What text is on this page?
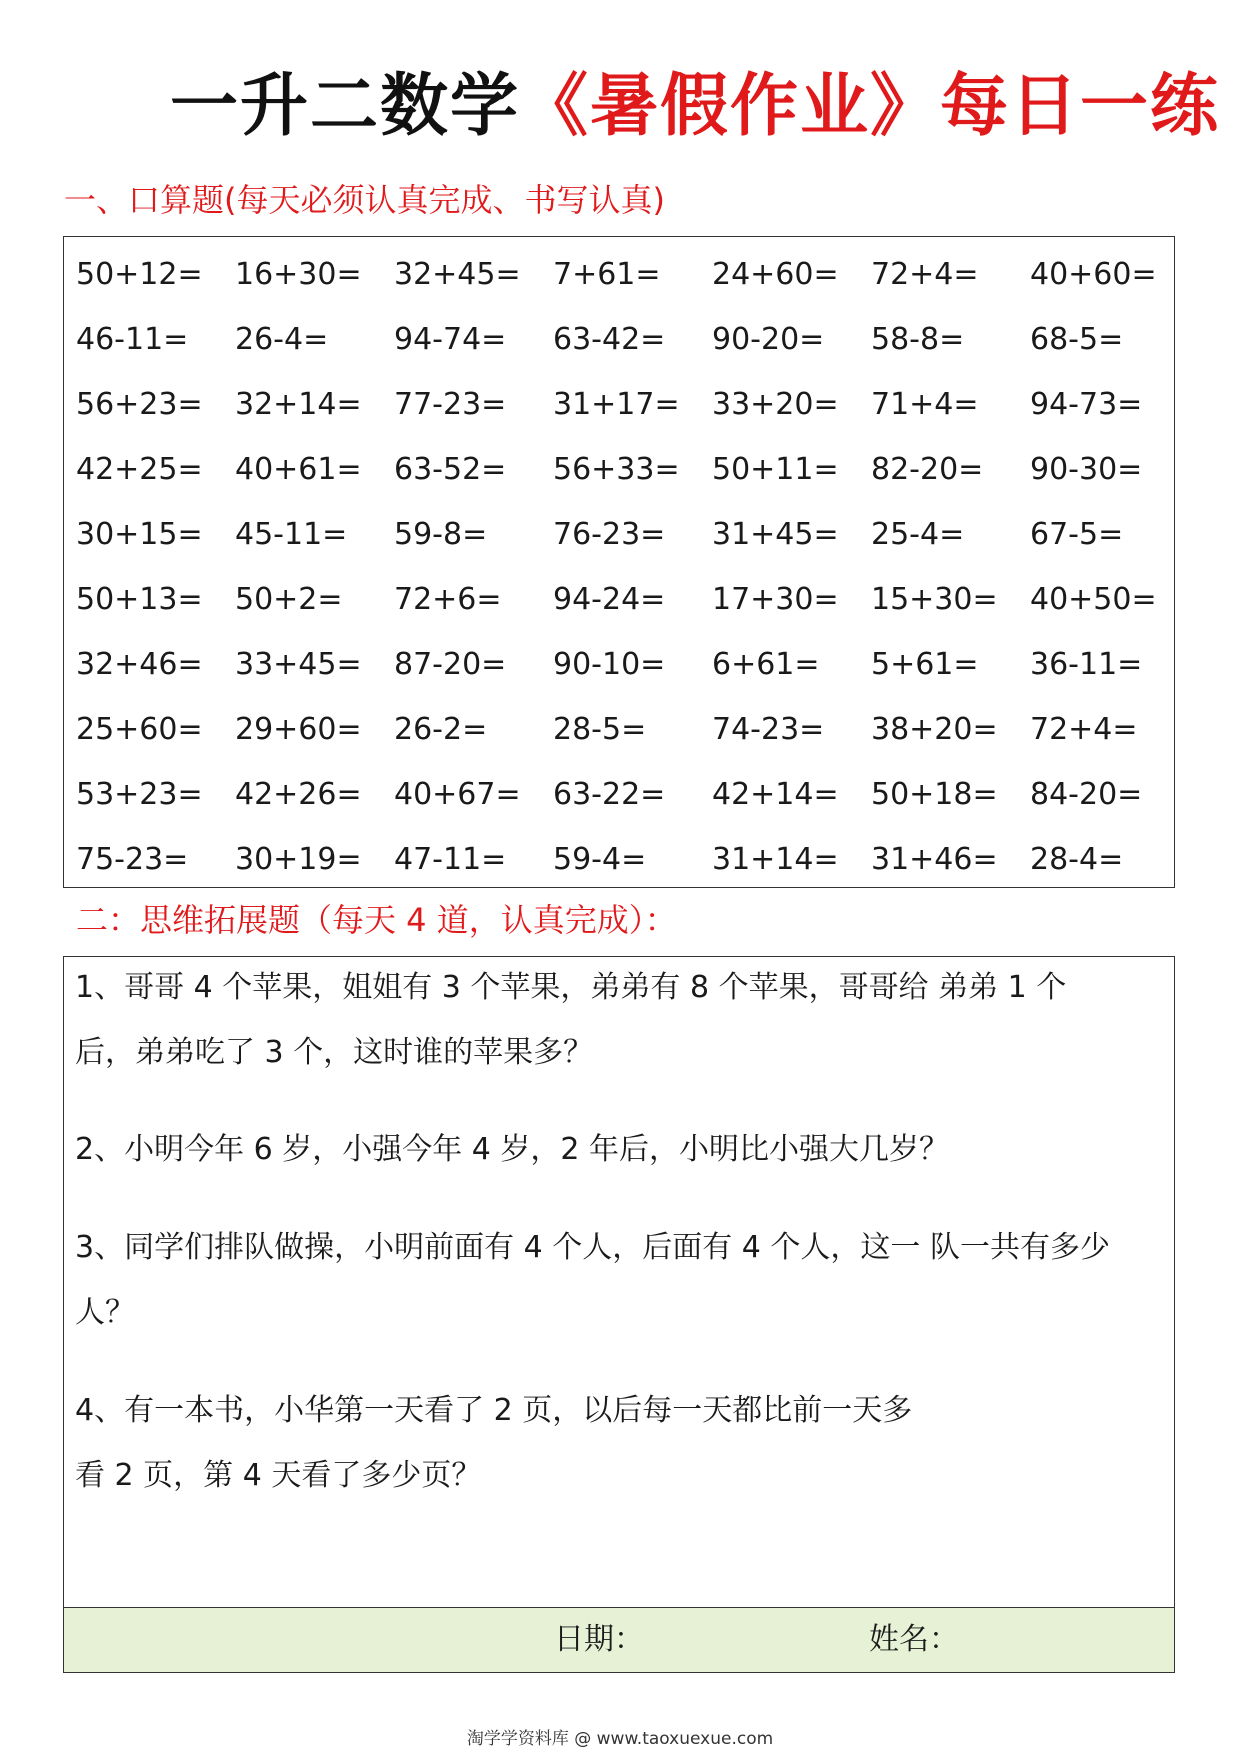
一升二数学《暑假作业》每日一练
一、口算题(每天必须认真完成、书写认真)
50+12=	16+30=	32+45=	7+61=	24+60=	72+4=	40+60=
46-11=	26-4=	94-74=	63-42=	90-20=	58-8=	68-5=
56+23=	32+14=	77-23=	31+17=	33+20=	71+4=	94-73=
42+25=	40+61=	63-52=	56+33=	50+11=	82-20=	90-30=
30+15=	45-11=	59-8=	76-23=	31+45=	25-4=	67-5=
50+13=	50+2=	72+6=	94-24=	17+30=	15+30=	40+50=
32+46=	33+45=	87-20=	90-10=	6+61=	5+61=	36-11=
25+60=	29+60=	26-2=	28-5=	74-23=	38+20=	72+4=
53+23=	42+26=	40+67=	63-22=	42+14=	50+18=	84-20=
75-23=	30+19=	47-11=	59-4=	31+14=	31+46=	28-4=
二：思维拓展题（每天 4 道，认真完成）：
1、哥哥 4 个苹果，姐姐有 3 个苹果，弟弟有 8 个苹果，哥哥给 弟弟 1 个
后，弟弟吃了 3 个，这时谁的苹果多？
2、小明今年 6 岁，小强今年 4 岁，2 年后，小明比小强大几岁？
3、同学们排队做操，小明前面有 4 个人，后面有 4 个人，这一 队一共有多少
人？
4、有一本书，小华第一天看了 2 页，以后每一天都比前一天多
看 2 页，第 4 天看了多少页？
日期：	姓名：
淘学学资料库 @ www.taoxuexue.com
